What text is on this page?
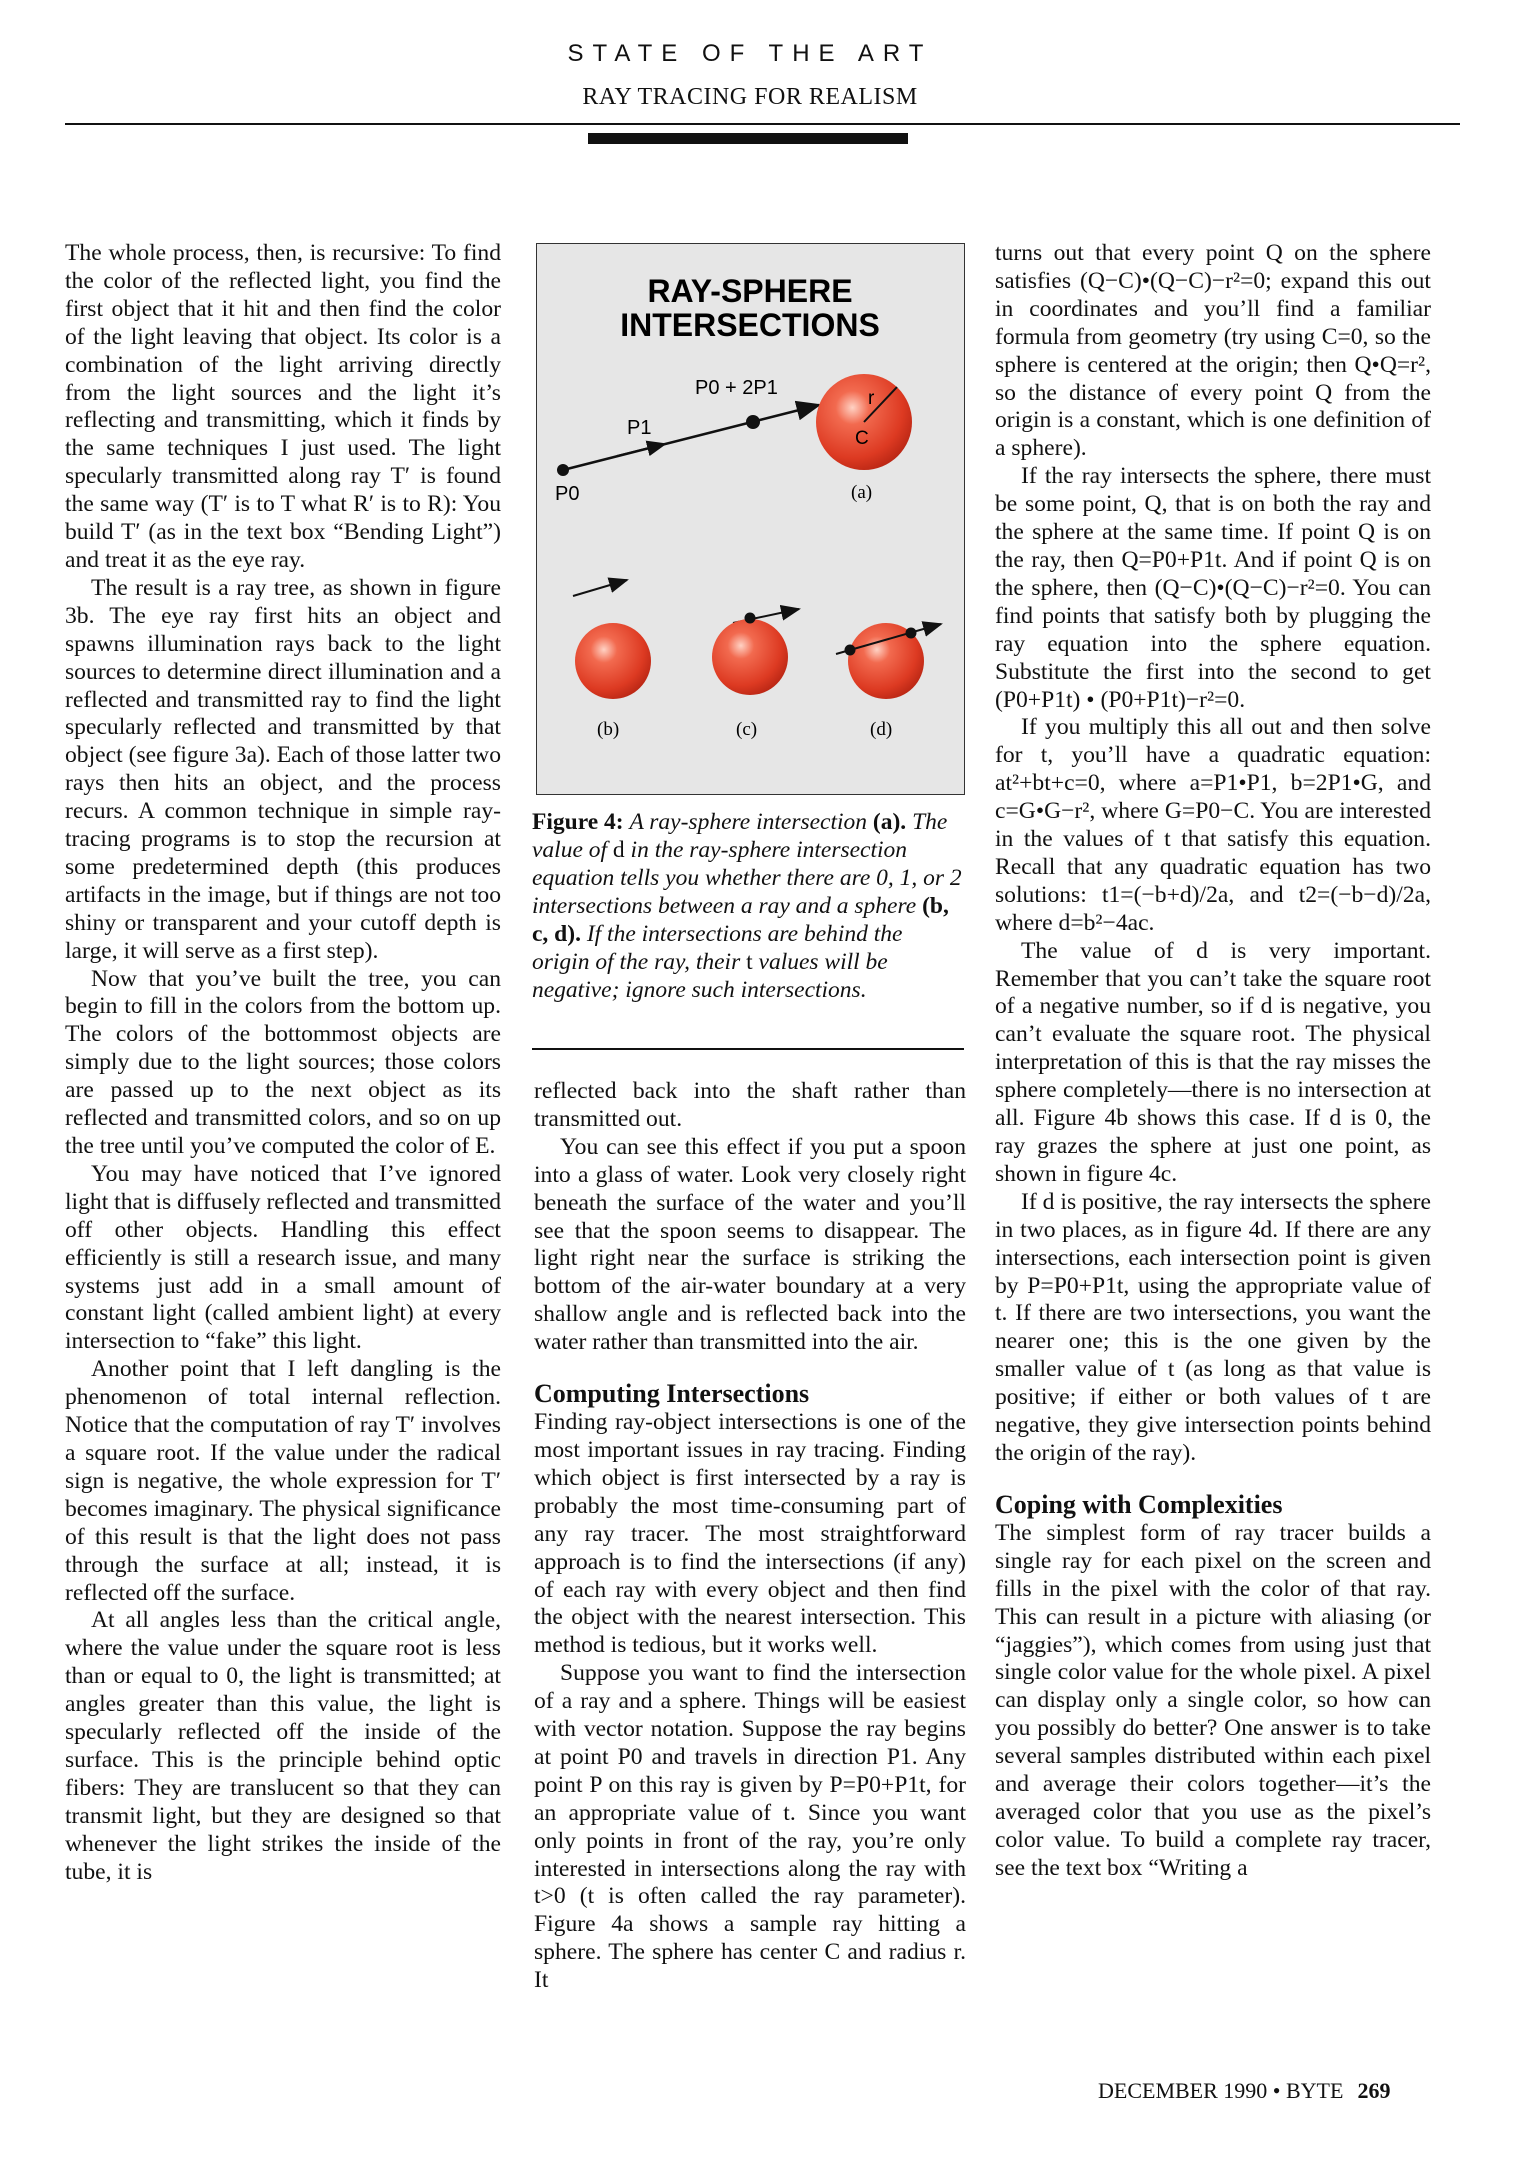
STATE OF THE ART
RAY TRACING FOR REALISM

The whole process, then, is recursive: To find the color of the reflected light, you find the first object that it hit and then find the color of the light leaving that object. Its color is a combination of the light arriving directly from the light sources and the light it’s reflecting and transmitting, which it finds by the same techniques I just used. The light specularly transmitted along ray T′ is found the same way (T′ is to T what R′ is to R): You build T′ (as in the text box “Bending Light”) and treat it as the eye ray.

The result is a ray tree, as shown in figure 3b. The eye ray first hits an object and spawns illumination rays back to the light sources to determine direct illumination and a reflected and transmitted ray to find the light specularly reflected and transmitted by that object (see figure 3a). Each of those latter two rays then hits an object, and the process recurs. A common technique in simple ray-tracing programs is to stop the recursion at some predetermined depth (this produces artifacts in the image, but if things are not too shiny or transparent and your cutoff depth is large, it will serve as a first step).

Now that you’ve built the tree, you can begin to fill in the colors from the bottom up. The colors of the bottommost objects are simply due to the light sources; those colors are passed up to the next object as its reflected and transmitted colors, and so on up the tree until you’ve computed the color of E.

You may have noticed that I’ve ignored light that is diffusely reflected and transmitted off other objects. Handling this effect efficiently is still a research issue, and many systems just add in a small amount of constant light (called ambient light) at every intersection to “fake” this light.

Another point that I left dangling is the phenomenon of total internal reflection. Notice that the computation of ray T′ involves a square root. If the value under the radical sign is negative, the whole expression for T′ becomes imaginary. The physical significance of this result is that the light does not pass through the surface at all; instead, it is reflected off the surface.

At all angles less than the critical angle, where the value under the square root is less than or equal to 0, the light is transmitted; at angles greater than this value, the light is specularly reflected off the inside of the surface. This is the principle behind optic fibers: They are translucent so that they can transmit light, but they are designed so that whenever the light strikes the inside of the tube, it is

RAY-SPHERE
INTERSECTIONS
P0
P1
P0 + 2P1	r
C
(a)
(b)	(c)	(d)
Figure 4: A ray-sphere intersection (a). The value of d in the ray-sphere intersection equation tells you whether there are 0, 1, or 2 intersections between a ray and a sphere (b, c, d). If the intersections are behind the origin of the ray, their t values will be negative; ignore such intersections.

reflected back into the shaft rather than transmitted out.

You can see this effect if you put a spoon into a glass of water. Look very closely right beneath the surface of the water and you’ll see that the spoon seems to disappear. The light right near the surface is striking the bottom of the air-water boundary at a very shallow angle and is reflected back into the water rather than transmitted into the air.

Computing Intersections

Finding ray-object intersections is one of the most important issues in ray tracing. Finding which object is first intersected by a ray is probably the most time-consuming part of any ray tracer. The most straightforward approach is to find the intersections (if any) of each ray with every object and then find the object with the nearest intersection. This method is tedious, but it works well.

Suppose you want to find the intersection of a ray and a sphere. Things will be easiest with vector notation. Suppose the ray begins at point P0 and travels in direction P1. Any point P on this ray is given by P=P0+P1t, for an appropriate value of t. Since you want only points in front of the ray, you’re only interested in intersections along the ray with t>0 (t is often called the ray parameter). Figure 4a shows a sample ray hitting a sphere. The sphere has center C and radius r. It

turns out that every point Q on the sphere satisfies (Q−C)•(Q−C)−r²=0; expand this out in coordinates and you’ll find a familiar formula from geometry (try using C=0, so the sphere is centered at the origin; then Q•Q=r², so the distance of every point Q from the origin is a constant, which is one definition of a sphere).

If the ray intersects the sphere, there must be some point, Q, that is on both the ray and the sphere at the same time. If point Q is on the ray, then Q=P0+P1t. And if point Q is on the sphere, then (Q−C)•(Q−C)−r²=0. You can find points that satisfy both by plugging the ray equation into the sphere equation. Substitute the first into the second to get (P0+P1t) • (P0+P1t)−r²=0.

If you multiply this all out and then solve for t, you’ll have a quadratic equation: at²+bt+c=0, where a=P1•P1, b=2P1•G, and c=G•G−r², where G=P0−C. You are interested in the values of t that satisfy this equation. Recall that any quadratic equation has two solutions: t1=(−b+d)/2a, and t2=(−b−d)/2a, where d=b²−4ac.

The value of d is very important. Remember that you can’t take the square root of a negative number, so if d is negative, you can’t evaluate the square root. The physical interpretation of this is that the ray misses the sphere completely—there is no intersection at all. Figure 4b shows this case. If d is 0, the ray grazes the sphere at just one point, as shown in figure 4c.

If d is positive, the ray intersects the sphere in two places, as in figure 4d. If there are any intersections, each intersection point is given by P=P0+P1t, using the appropriate value of t. If there are two intersections, you want the nearer one; this is the one given by the smaller value of t (as long as that value is positive; if either or both values of t are negative, they give intersection points behind the origin of the ray).

Coping with Complexities

The simplest form of ray tracer builds a single ray for each pixel on the screen and fills in the pixel with the color of that ray. This can result in a picture with aliasing (or “jaggies”), which comes from using just that single color value for the whole pixel. A pixel can display only a single color, so how can you possibly do better? One answer is to take several samples distributed within each pixel and average their colors together—it’s the averaged color that you use as the pixel’s color value. To build a complete ray tracer, see the text box “Writing a

DECEMBER 1990 • BYTE 269
